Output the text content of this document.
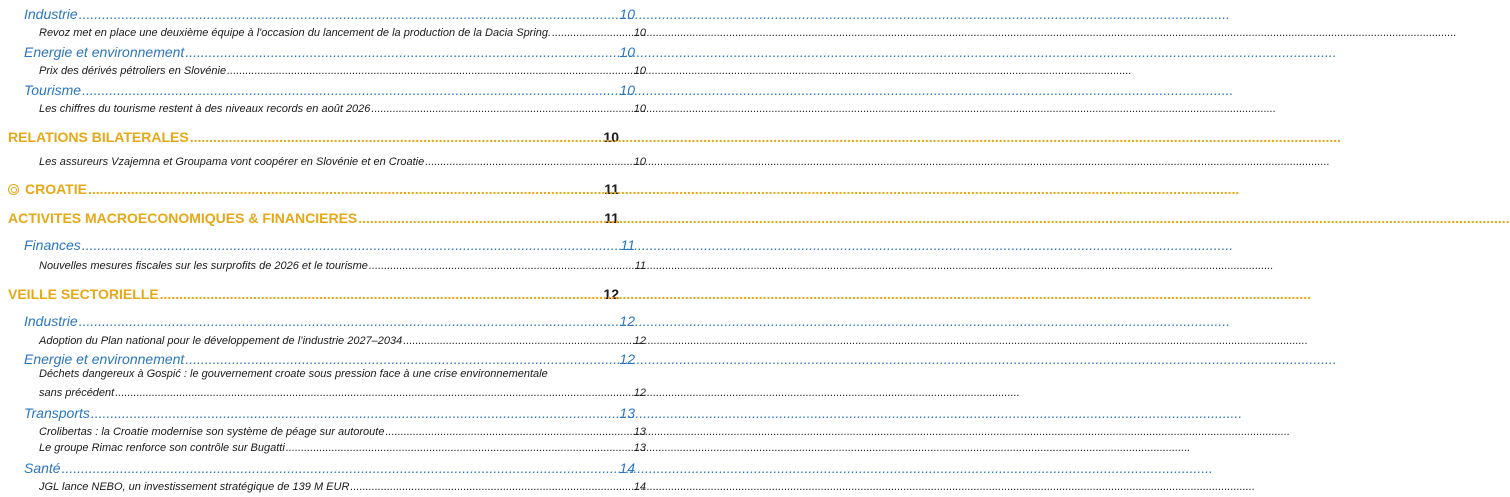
Industrie .....	10
Revoz met en place une deuxième équipe à l'occasion du lancement de la production de la Dacia Spring. .....	10
Energie et environnement .....	10
Prix des dérivés pétroliers en Slovénie .....	10
Tourisme .....	10
Les chiffres du tourisme restent à des niveaux records en août 2026 .....	10
RELATIONS BILATERALES .....	10
Les assureurs Vzajemna et Groupama vont coopérer en Slovénie et en Croatie .....	10
CROATIE .....	11
ACTIVITES MACROECONOMIQUES & FINANCIERES .....	11
Finances .....	11
Nouvelles mesures fiscales sur les surprofits de 2026 et le tourisme .....	11
VEILLE SECTORIELLE .....	12
Industrie .....	12
Adoption du Plan national pour le développement de l’industrie 2027–2034 .....	12
Energie et environnement .....	12
Déchets dangereux à Gospić : le gouvernement croate sous pression face à une crise environnementale
sans précédent .....	12
Transports .....	13
Crolibertas : la Croatie modernise son système de péage sur autoroute .....	13
Le groupe Rimac renforce son contrôle sur Bugatti .....	13
Santé .....	14
JGL lance NEBO, un investissement stratégique de 139 M EUR .....	14
